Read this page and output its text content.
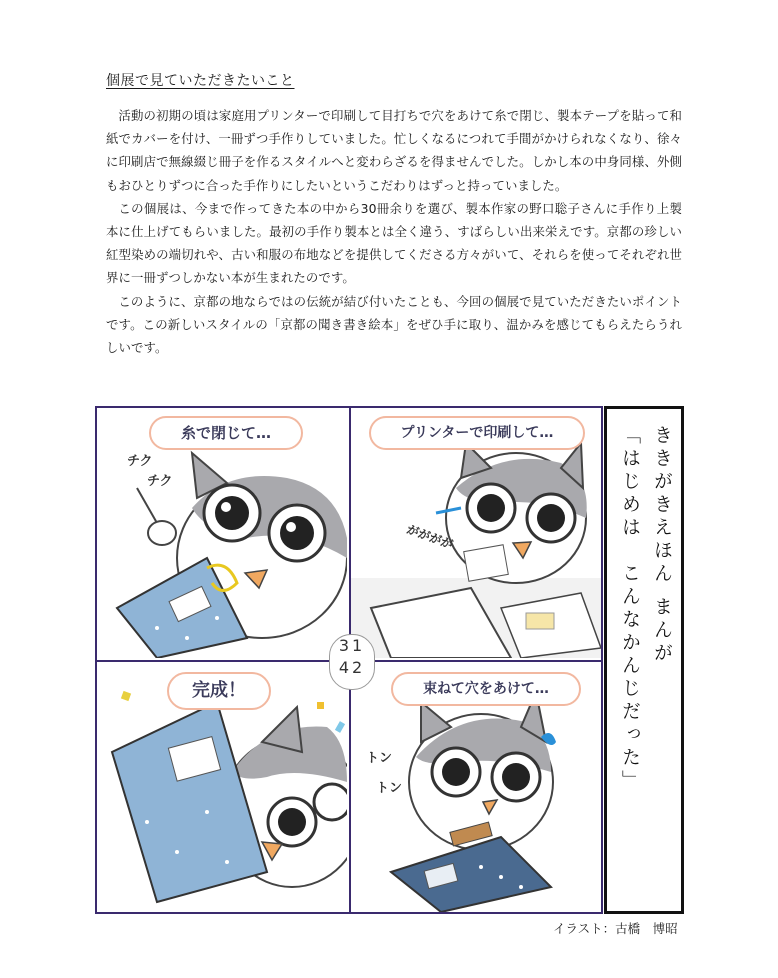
個展で見ていただきたいこと

活動の初期の頃は家庭用プリンターで印刷して目打ちで穴をあけて糸で閉じ、製本テープを貼って和紙でカバーを付け、一冊ずつ手作りしていました。忙しくなるにつれて手間がかけられなくなり、徐々に印刷店で無線綴じ冊子を作るスタイルへと変わらざるを得ませんでした。しかし本の中身同様、外側もおひとりずつに合った手作りにしたいというこだわりはずっと持っていました。

この個展は、今まで作ってきた本の中から30冊余りを選び、製本作家の野口聡子さんに手作り上製本に仕上げてもらいました。最初の手作り製本とは全く違う、すばらしい出来栄えです。京都の珍しい紅型染めの端切れや、古い和服の布地などを提供してくださる方々がいて、それらを使ってそれぞれ世界に一冊ずつしかない本が生まれたのです。

このように、京都の地ならではの伝統が結び付いたことも、今回の個展で見ていただきたいポイントです。この新しいスタイルの「京都の聞き書き絵本」をぜひ手に取り、温かみを感じてもらえたらうれしいです。

糸で閉じて…
チク
チク
プリンターで印刷して…
がががが
完成！	束ねて穴をあけて…
トン
トン
31
42
ききがきえほん まんが
「はじめは　こんなかんじだった」
イラスト：古橋　博昭
